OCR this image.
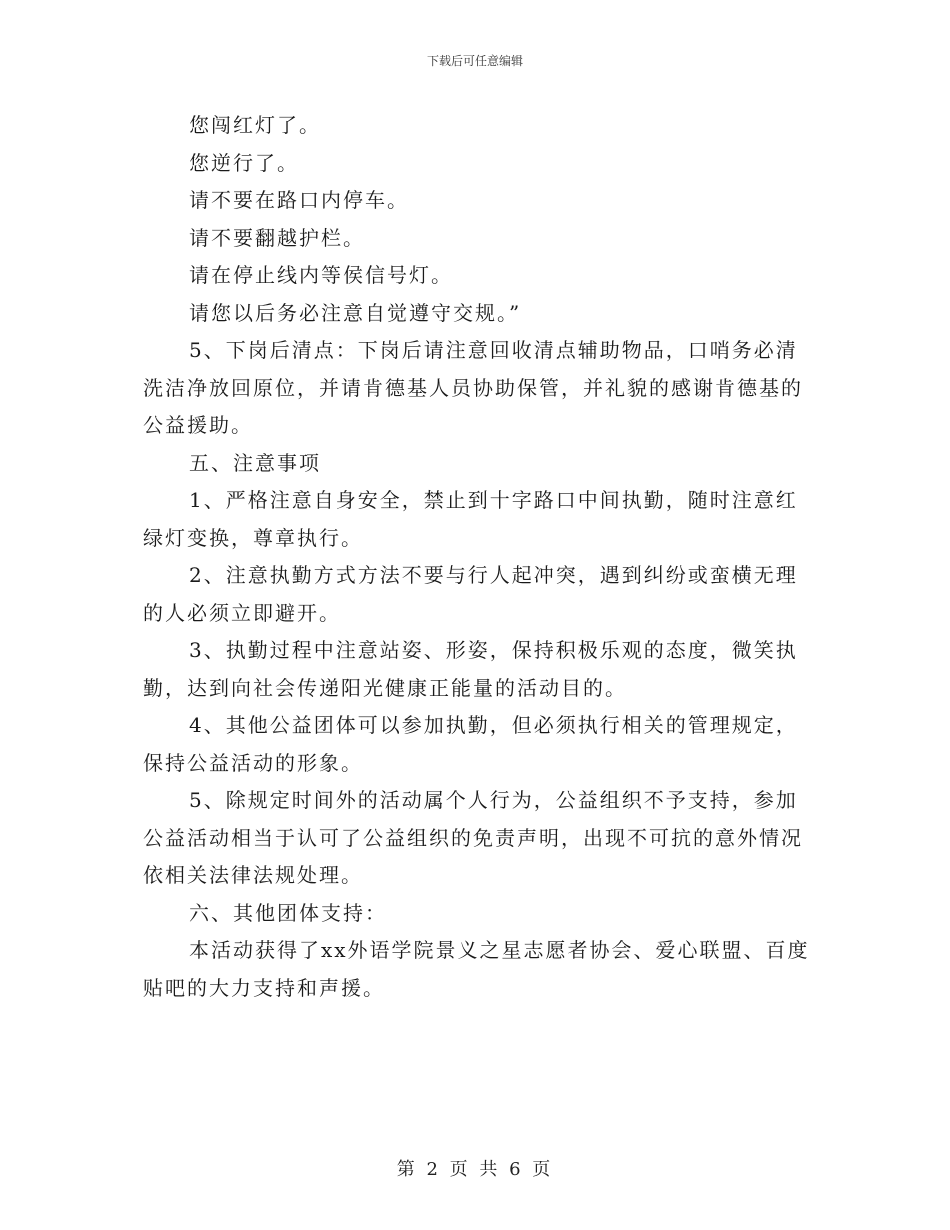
下载后可任意编辑

您闯红灯了。

您逆行了。

请不要在路口内停车。

请不要翻越护栏。

请在停止线内等侯信号灯。

请您以后务必注意自觉遵守交规。”

5、下岗后清点：下岗后请注意回收清点辅助物品，口哨务必清洗洁净放回原位，并请肯德基人员协助保管，并礼貌的感谢肯德基的公益援助。

五、注意事项

1、严格注意自身安全，禁止到十字路口中间执勤，随时注意红绿灯变换，尊章执行。

2、注意执勤方式方法不要与行人起冲突，遇到纠纷或蛮横无理的人必须立即避开。

3、执勤过程中注意站姿、形姿，保持积极乐观的态度，微笑执勤，达到向社会传递阳光健康正能量的活动目的。

4、其他公益团体可以参加执勤，但必须执行相关的管理规定，保持公益活动的形象。

5、除规定时间外的活动属个人行为，公益组织不予支持，参加公益活动相当于认可了公益组织的免责声明，出现不可抗的意外情况依相关法律法规处理。

六、其他团体支持：

本活动获得了xx外语学院景义之星志愿者协会、爱心联盟、百度贴吧的大力支持和声援。

第 2 页 共 6 页
